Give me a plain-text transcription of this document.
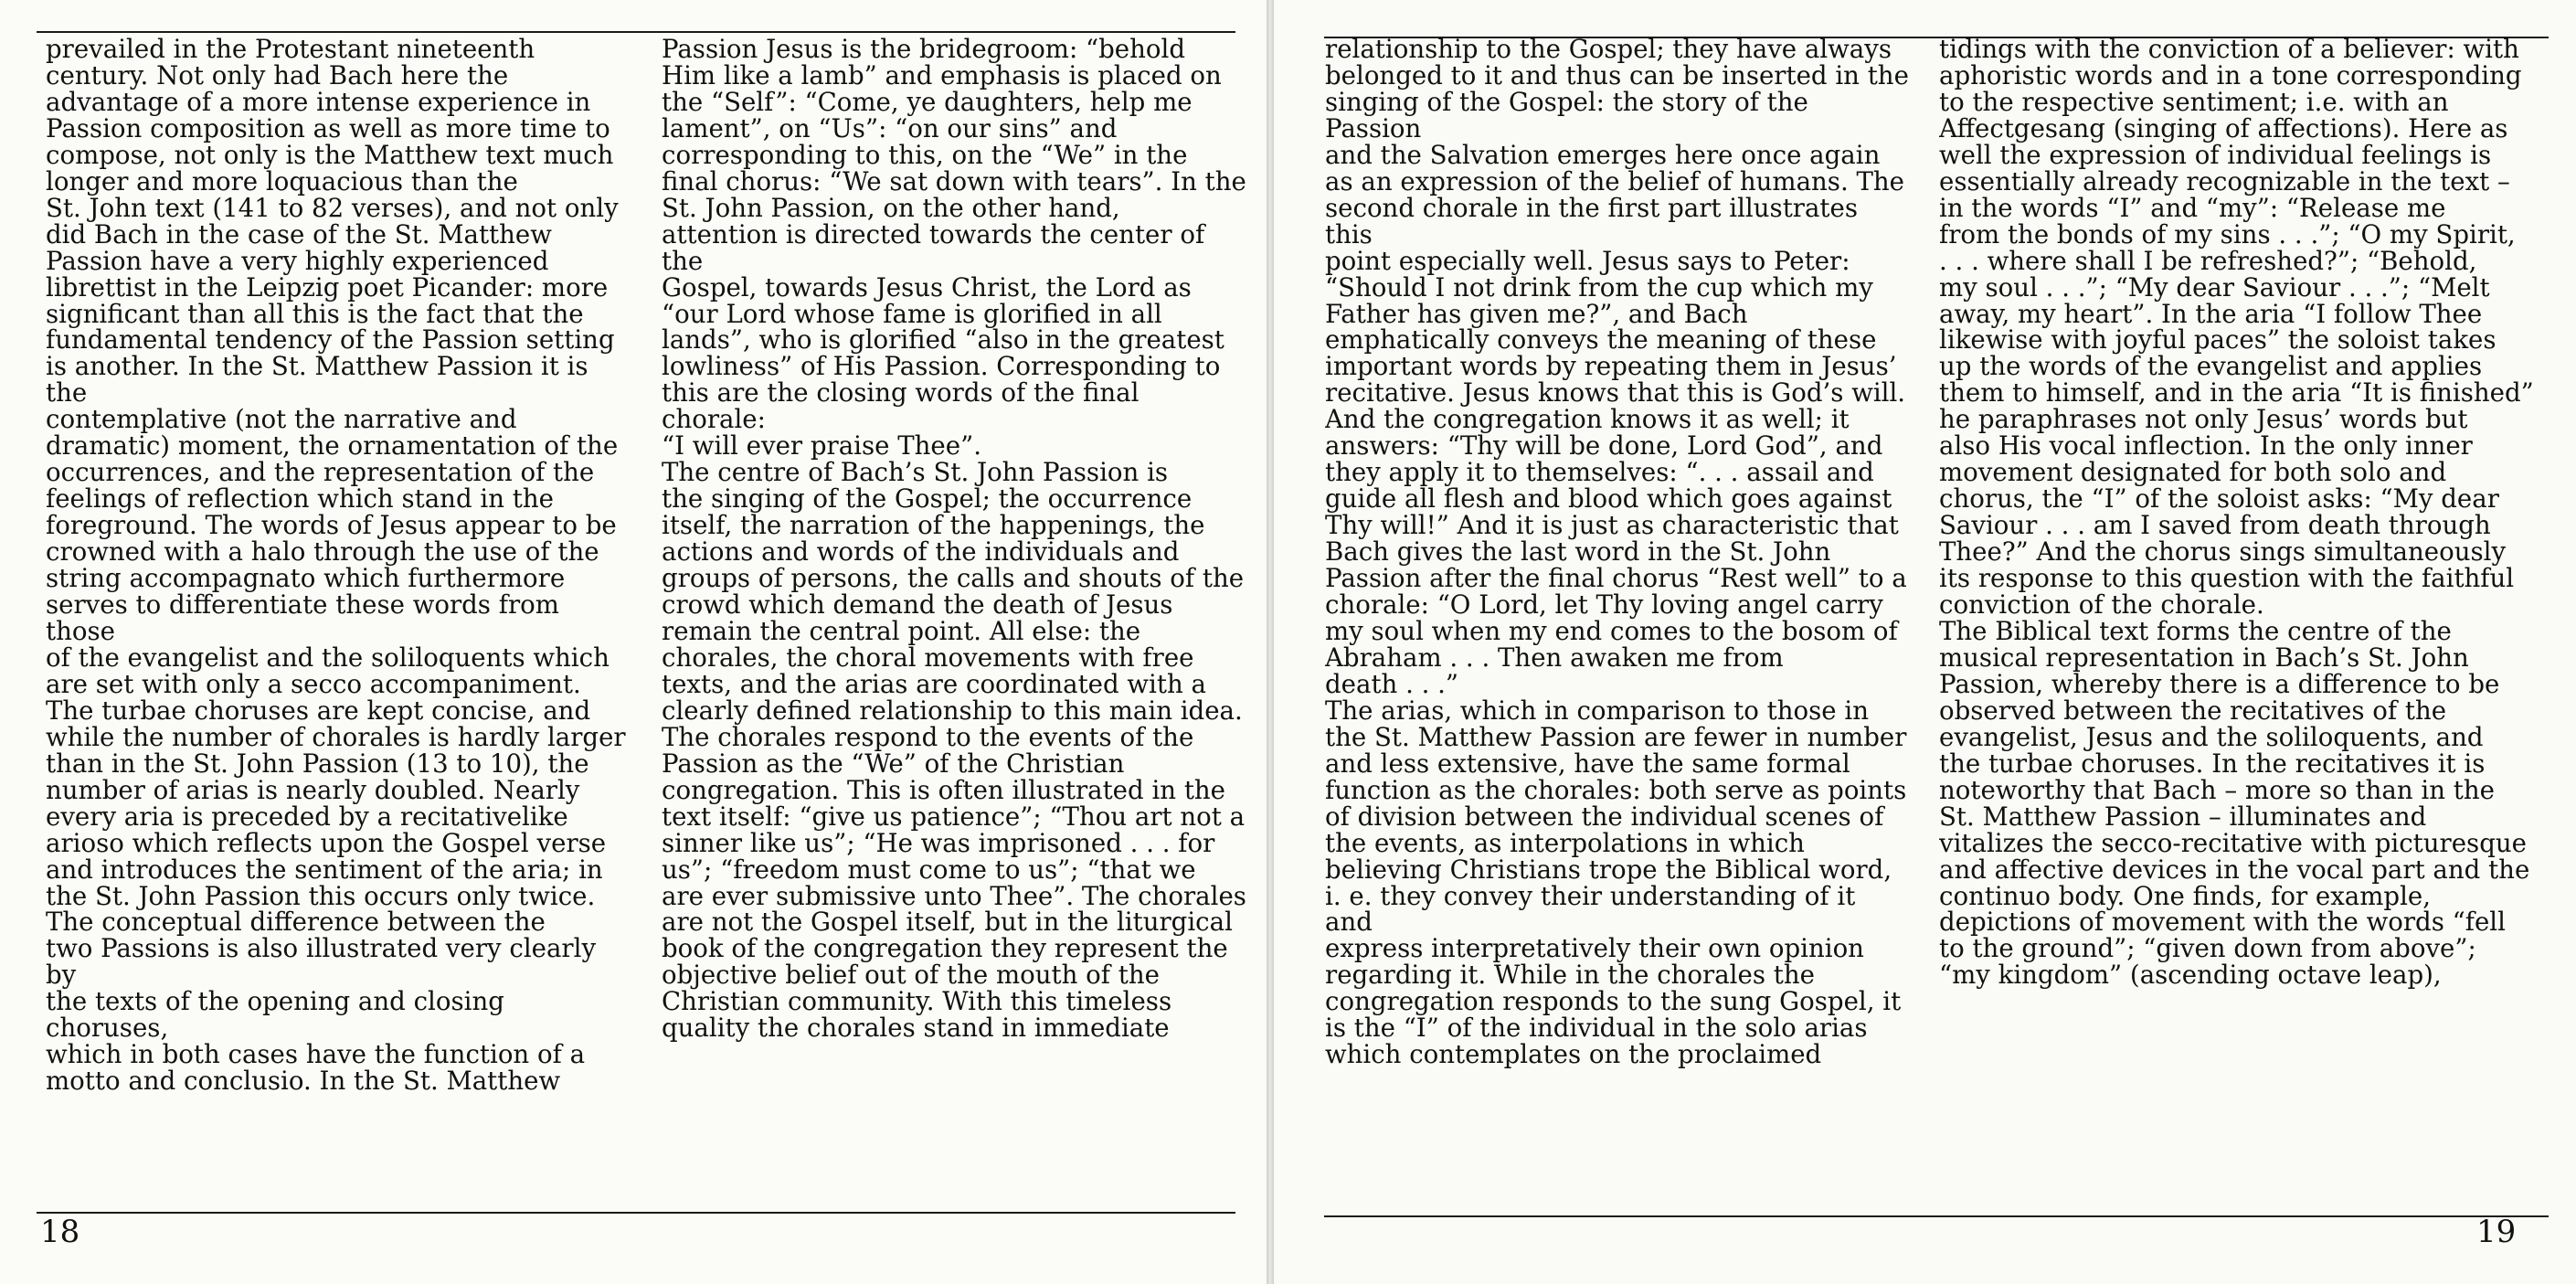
prevailed in the Protestant nineteenth
century. Not only had Bach here the
advantage of a more intense experience in
Passion composition as well as more time to
compose, not only is the Matthew text much
longer and more loquacious than the
St. John text (141 to 82 verses), and not only
did Bach in the case of the St. Matthew
Passion have a very highly experienced
librettist in the Leipzig poet Picander: more
significant than all this is the fact that the
fundamental tendency of the Passion setting
is another. In the St. Matthew Passion it is the
contemplative (not the narrative and
dramatic) moment, the ornamentation of the
occurrences, and the representation of the
feelings of reflection which stand in the
foreground. The words of Jesus appear to be
crowned with a halo through the use of the
string accompagnato which furthermore
serves to differentiate these words from those
of the evangelist and the soliloquents which
are set with only a secco accompaniment.
The turbae choruses are kept concise, and
while the number of chorales is hardly larger
than in the St. John Passion (13 to 10), the
number of arias is nearly doubled. Nearly
every aria is preceded by a recitativelike
arioso which reflects upon the Gospel verse
and introduces the sentiment of the aria; in
the St. John Passion this occurs only twice.
The conceptual difference between the
two Passions is also illustrated very clearly by
the texts of the opening and closing choruses,
which in both cases have the function of a
motto and conclusio. In the St. Matthew
Passion Jesus is the bridegroom: “behold
Him like a lamb” and emphasis is placed on
the “Self”: “Come, ye daughters, help me
lament”, on “Us”: “on our sins” and
corresponding to this, on the “We” in the
final chorus: “We sat down with tears”. In the
St. John Passion, on the other hand,
attention is directed towards the center of the
Gospel, towards Jesus Christ, the Lord as
“our Lord whose fame is glorified in all
lands”, who is glorified “also in the greatest
lowliness” of His Passion. Corresponding to
this are the closing words of the final chorale:
“I will ever praise Thee”.
The centre of Bach’s St. John Passion is
the singing of the Gospel; the occurrence
itself, the narration of the happenings, the
actions and words of the individuals and
groups of persons, the calls and shouts of the
crowd which demand the death of Jesus
remain the central point. All else: the
chorales, the choral movements with free
texts, and the arias are coordinated with a
clearly defined relationship to this main idea.
The chorales respond to the events of the
Passion as the “We” of the Christian
congregation. This is often illustrated in the
text itself: “give us patience”; “Thou art not a
sinner like us”; “He was imprisoned . . . for
us”; “freedom must come to us”; “that we
are ever submissive unto Thee”. The chorales
are not the Gospel itself, but in the liturgical
book of the congregation they represent the
objective belief out of the mouth of the
Christian community. With this timeless
quality the chorales stand in immediate
18
relationship to the Gospel; they have always
belonged to it and thus can be inserted in the
singing of the Gospel: the story of the Passion
and the Salvation emerges here once again
as an expression of the belief of humans. The
second chorale in the first part illustrates this
point especially well. Jesus says to Peter:
“Should I not drink from the cup which my
Father has given me?”, and Bach
emphatically conveys the meaning of these
important words by repeating them in Jesus’
recitative. Jesus knows that this is God’s will.
And the congregation knows it as well; it
answers: “Thy will be done, Lord God”, and
they apply it to themselves: “. . . assail and
guide all flesh and blood which goes against
Thy will!” And it is just as characteristic that
Bach gives the last word in the St. John
Passion after the final chorus “Rest well” to a
chorale: “O Lord, let Thy loving angel carry
my soul when my end comes to the bosom of
Abraham . . . Then awaken me from
death . . .”
The arias, which in comparison to those in
the St. Matthew Passion are fewer in number
and less extensive, have the same formal
function as the chorales: both serve as points
of division between the individual scenes of
the events, as interpolations in which
believing Christians trope the Biblical word,
i. e. they convey their understanding of it and
express interpretatively their own opinion
regarding it. While in the chorales the
congregation responds to the sung Gospel, it
is the “I” of the individual in the solo arias
which contemplates on the proclaimed
tidings with the conviction of a believer: with
aphoristic words and in a tone corresponding
to the respective sentiment; i.e. with an
Affectgesang (singing of affections). Here as
well the expression of individual feelings is
essentially already recognizable in the text –
in the words “I” and “my”: “Release me
from the bonds of my sins . . .”; “O my Spirit,
. . . where shall I be refreshed?”; “Behold,
my soul . . .”; “My dear Saviour . . .”; “Melt
away, my heart”. In the aria “I follow Thee
likewise with joyful paces” the soloist takes
up the words of the evangelist and applies
them to himself, and in the aria “It is finished”
he paraphrases not only Jesus’ words but
also His vocal inflection. In the only inner
movement designated for both solo and
chorus, the “I” of the soloist asks: “My dear
Saviour . . . am I saved from death through
Thee?” And the chorus sings simultaneously
its response to this question with the faithful
conviction of the chorale.
The Biblical text forms the centre of the
musical representation in Bach’s St. John
Passion, whereby there is a difference to be
observed between the recitatives of the
evangelist, Jesus and the soliloquents, and
the turbae choruses. In the recitatives it is
noteworthy that Bach – more so than in the
St. Matthew Passion – illuminates and
vitalizes the secco-recitative with picturesque
and affective devices in the vocal part and the
continuo body. One finds, for example,
depictions of movement with the words “fell
to the ground”; “given down from above”;
“my kingdom” (ascending octave leap),
19
